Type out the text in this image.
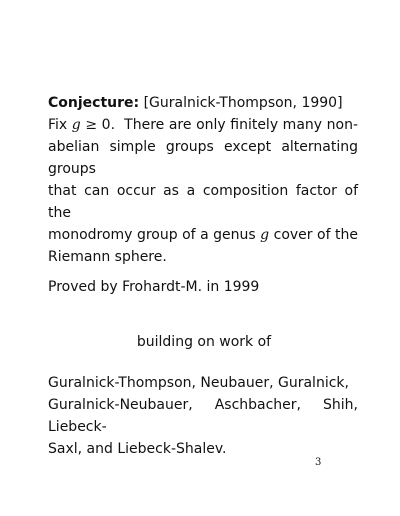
Conjecture: [Guralnick-Thompson, 1990]
Fix g ≥ 0. There are only finitely many non-
abelian simple groups except alternating groups
that can occur as a composition factor of the
monodromy group of a genus g cover of the
Riemann sphere.
Proved by Frohardt-M. in 1999
building on work of
Guralnick-Thompson, Neubauer, Guralnick,
Guralnick-Neubauer, Aschbacher, Shih, Liebeck-
Saxl, and Liebeck-Shalev.
3
